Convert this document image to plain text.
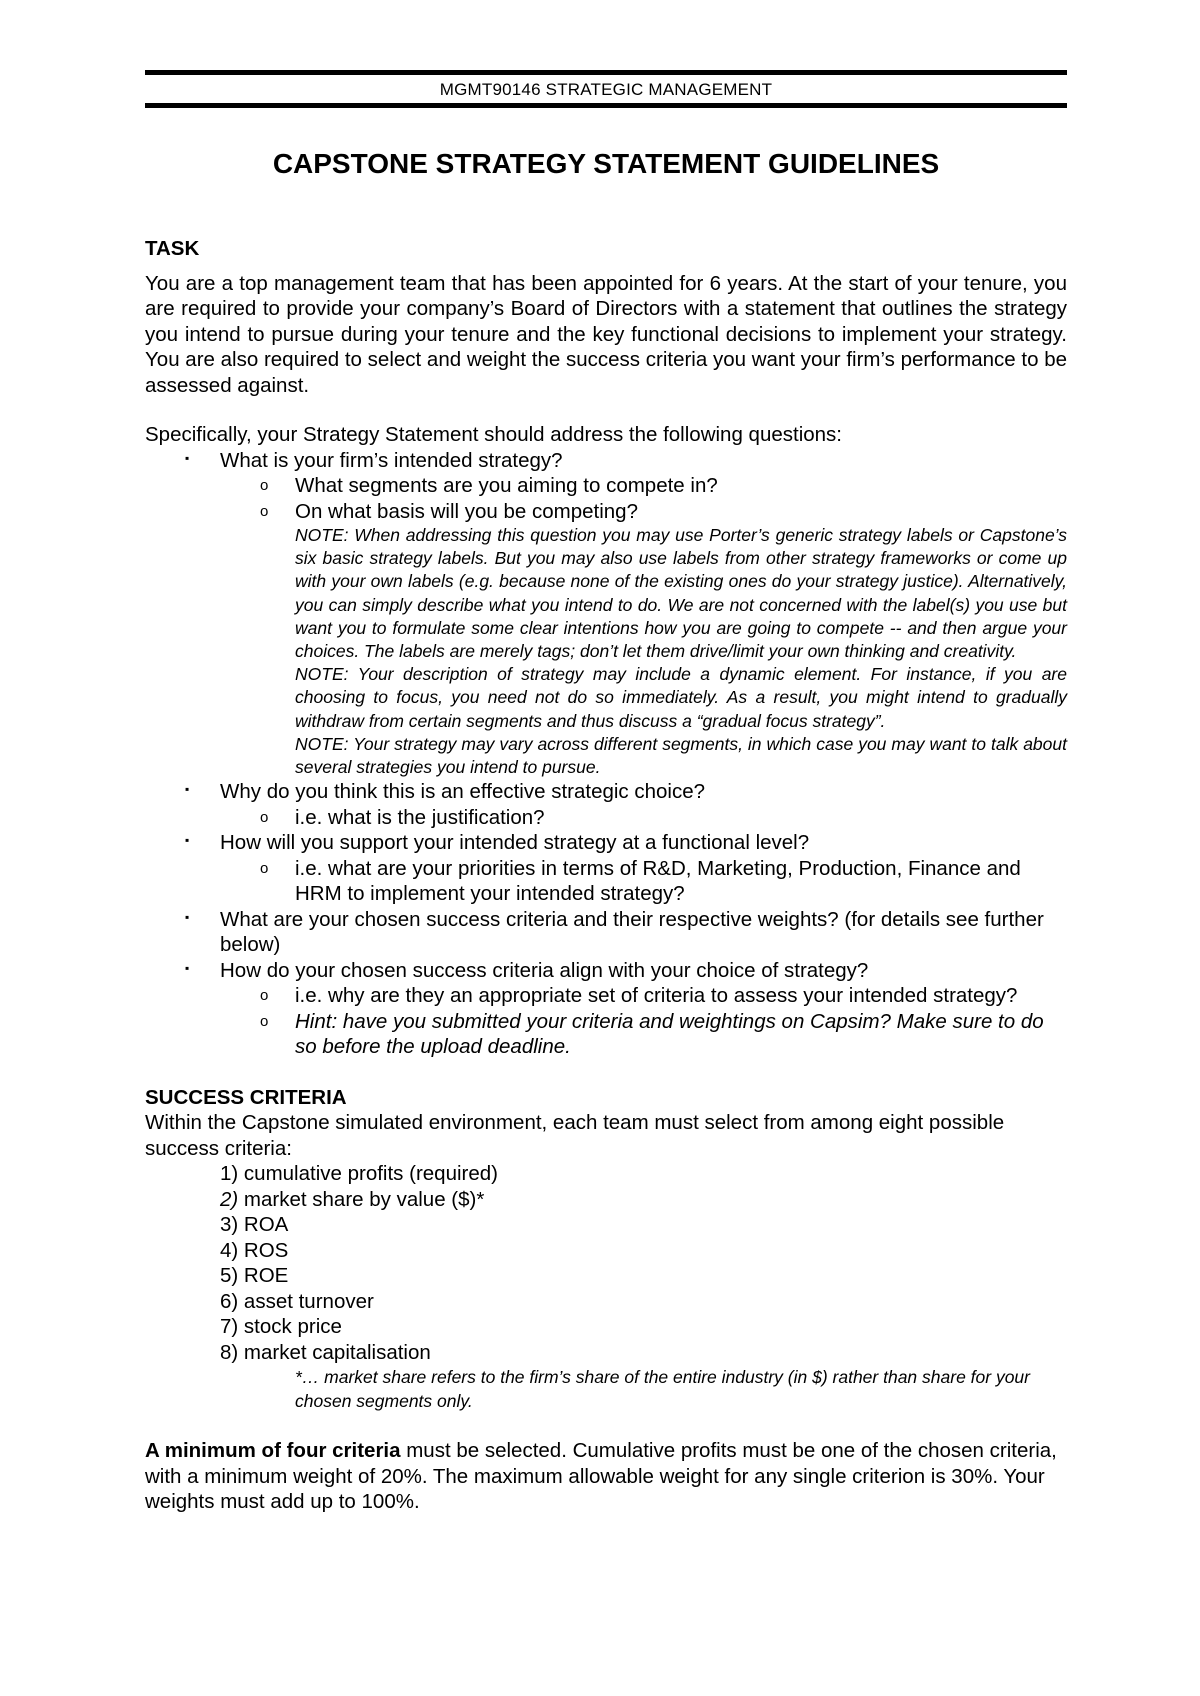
MGMT90146 STRATEGIC MANAGEMENT
CAPSTONE STRATEGY STATEMENT GUIDELINES

TASK

You are a top management team that has been appointed for 6 years. At the start of your tenure, you are required to provide your company’s Board of Directors with a statement that outlines the strategy you intend to pursue during your tenure and the key functional decisions to implement your strategy. You are also required to select and weight the success criteria you want your firm’s performance to be assessed against.

Specifically, your Strategy Statement should address the following questions:

▪
What is your firm’s intended strategy?
o
What segments are you aiming to compete in?
o
On what basis will you be competing?
NOTE: When addressing this question you may use Porter’s generic strategy labels or Capstone’s six basic strategy labels. But you may also use labels from other strategy frameworks or come up with your own labels (e.g. because none of the existing ones do your strategy justice). Alternatively, you can simply describe what you intend to do. We are not concerned with the label(s) you use but want you to formulate some clear intentions how you are going to compete -- and then argue your choices. The labels are merely tags; don’t let them drive/limit your own thinking and creativity.
NOTE: Your description of strategy may include a dynamic element. For instance, if you are choosing to focus, you need not do so immediately. As a result, you might intend to gradually withdraw from certain segments and thus discuss a “gradual focus strategy”.
NOTE: Your strategy may vary across different segments, in which case you may want to talk about several strategies you intend to pursue.
▪
Why do you think this is an effective strategic choice?
o
i.e. what is the justification?
▪
How will you support your intended strategy at a functional level?
o
i.e. what are your priorities in terms of R&D, Marketing, Production, Finance and HRM to implement your intended strategy?
▪
What are your chosen success criteria and their respective weights? (for details see further below)
▪
How do your chosen success criteria align with your choice of strategy?
o
i.e. why are they an appropriate set of criteria to assess your intended strategy?
o
Hint: have you submitted your criteria and weightings on Capsim? Make sure to do so before the upload deadline.

SUCCESS CRITERIA

Within the Capstone simulated environment, each team must select from among eight possible success criteria:

1) cumulative profits (required)
2) market share by value ($)*
3) ROA
4) ROS
5) ROE
6) asset turnover
7) stock price
8) market capitalisation
*… market share refers to the firm’s share of the entire industry (in $) rather than share for your chosen segments only.

A minimum of four criteria must be selected. Cumulative profits must be one of the chosen criteria, with a minimum weight of 20%. The maximum allowable weight for any single criterion is 30%. Your weights must add up to 100%.
